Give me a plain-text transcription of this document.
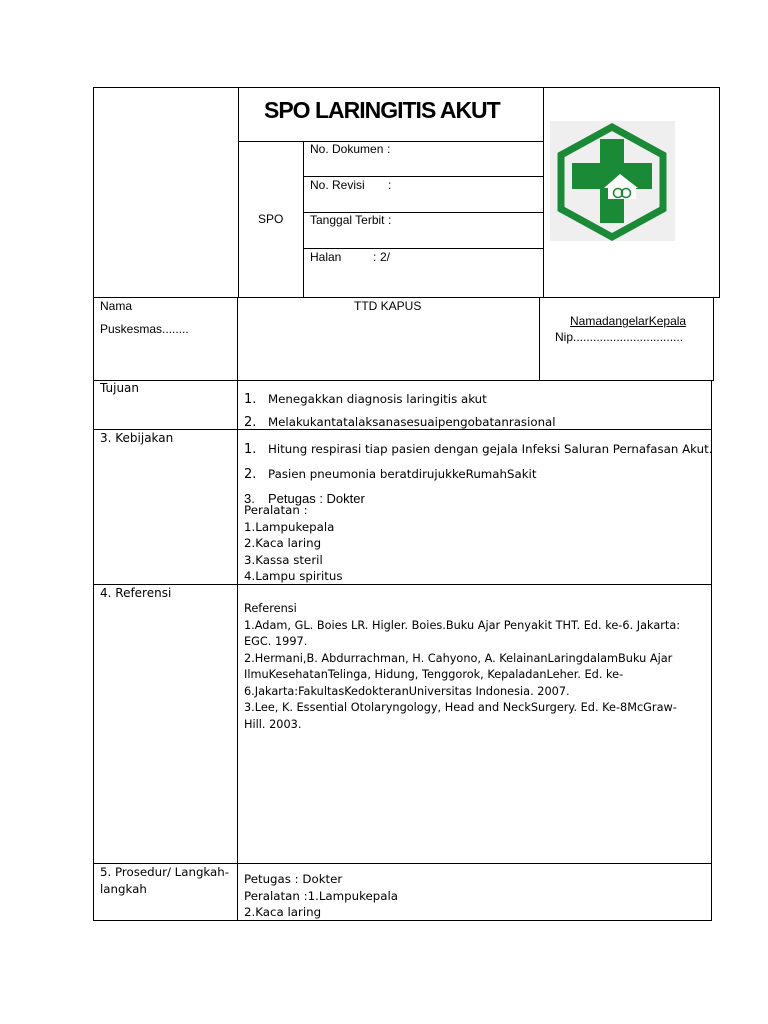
SPO LARINGITIS AKUT
SPO
No. Dokumen :
No. Revisi :
Tanggal Terbit :
Halan	: 2/
Nama
Puskesmas........
TTD KAPUS
NamadangelarKepala
Nip.................................
Tujuan
1. Menegakkan diagnosis laringitis akut
2. Melakukantatalaksanasesuaipengobatanrasional
3. Kebijakan
1. Hitung respirasi tiap pasien dengan gejala Infeksi Saluran Pernafasan Akut.
2. Pasien pneumonia beratdirujukkeRumahSakit
3. Petugas : Dokter
Peralatan :
1.Lampukepala
2.Kaca laring
3.Kassa steril
4.Lampu spiritus
4. Referensi
Referensi
1.Adam, GL. Boies LR. Higler. Boies.Buku Ajar Penyakit THT. Ed. ke-6. Jakarta:
EGC. 1997.
2.Hermani,B. Abdurrachman, H. Cahyono, A. KelainanLaringdalamBuku Ajar
IlmuKesehatanTelinga, Hidung, Tenggorok, KepaladanLeher. Ed. ke-
6.Jakarta:FakultasKedokteranUniversitas Indonesia. 2007.
3.Lee, K. Essential Otolaryngology, Head and NeckSurgery. Ed. Ke-8McGraw-
Hill. 2003.
5. Prosedur/ Langkah-
langkah
Petugas : Dokter
Peralatan :1.Lampukepala
2.Kaca laring
